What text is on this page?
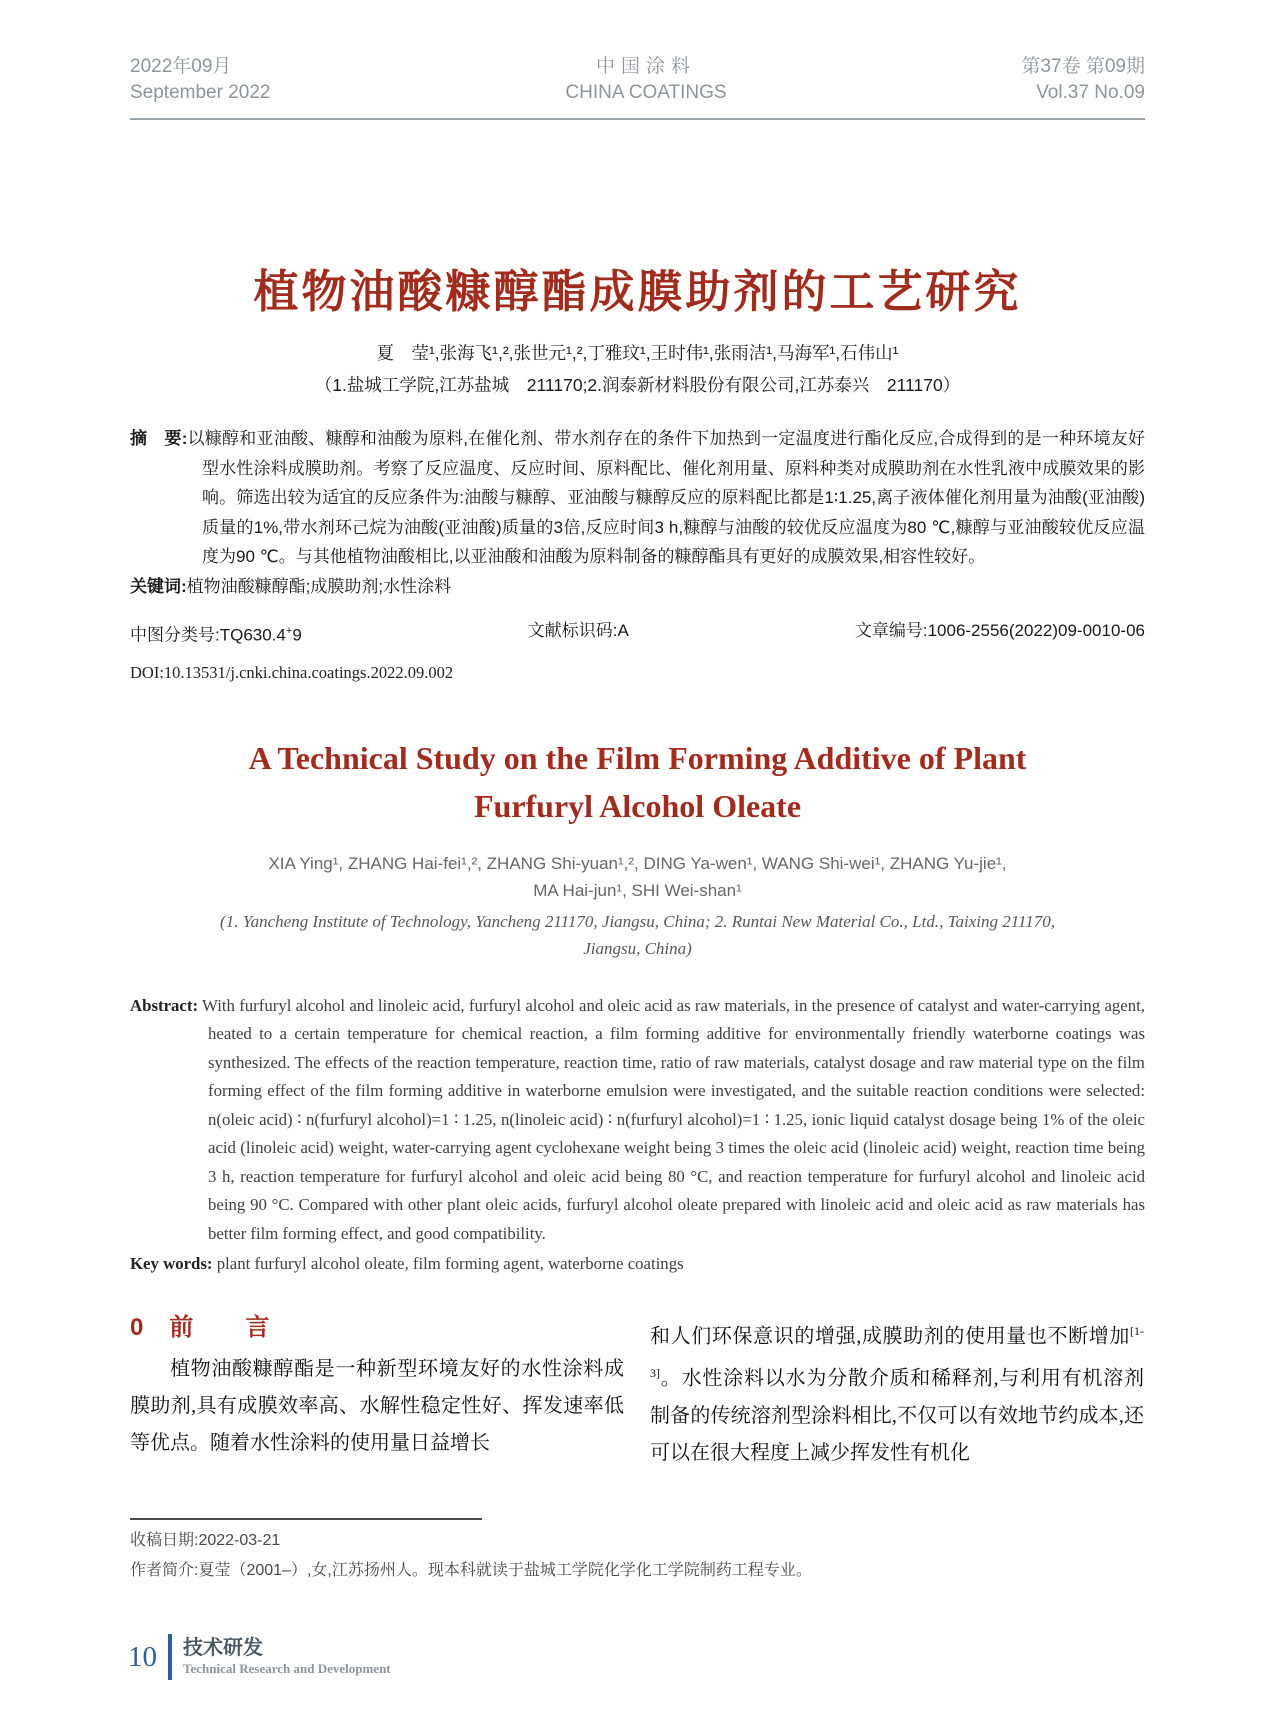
2022年09月
September 2022
中国涂料
CHINA COATINGS
第37卷 第09期
Vol.37 No.09
植物油酸糠醇酯成膜助剂的工艺研究
夏　莹¹,张海飞¹,²,张世元¹,²,丁雅玟¹,王时伟¹,张雨洁¹,马海军¹,石伟山¹
（1.盐城工学院,江苏盐城　211170;2.润泰新材料股份有限公司,江苏泰兴　211170）

摘　要:以糠醇和亚油酸、糠醇和油酸为原料,在催化剂、带水剂存在的条件下加热到一定温度进行酯化反应,合成得到的是一种环境友好型水性涂料成膜助剂。考察了反应温度、反应时间、原料配比、催化剂用量、原料种类对成膜助剂在水性乳液中成膜效果的影响。筛选出较为适宜的反应条件为:油酸与糠醇、亚油酸与糠醇反应的原料配比都是1∶1.25,离子液体催化剂用量为油酸(亚油酸)质量的1%,带水剂环己烷为油酸(亚油酸)质量的3倍,反应时间3 h,糠醇与油酸的较优反应温度为80 ℃,糠醇与亚油酸较优反应温度为90 ℃。与其他植物油酸相比,以亚油酸和油酸为原料制备的糠醇酯具有更好的成膜效果,相容性较好。

关键词:植物油酸糠醇酯;成膜助剂;水性涂料

中图分类号:TQ630.4+9	文献标识码:A	文章编号:1006-2556(2022)09-0010-06
DOI:10.13531/j.cnki.china.coatings.2022.09.002
A Technical Study on the Film Forming Additive of Plant
Furfuryl Alcohol Oleate
XIA Ying¹, ZHANG Hai-fei¹,², ZHANG Shi-yuan¹,², DING Ya-wen¹, WANG Shi-wei¹, ZHANG Yu-jie¹,
MA Hai-jun¹, SHI Wei-shan¹
(1. Yancheng Institute of Technology, Yancheng 211170, Jiangsu, China; 2. Runtai New Material Co., Ltd., Taixing 211170,
Jiangsu, China)

Abstract: With furfuryl alcohol and linoleic acid, furfuryl alcohol and oleic acid as raw materials, in the presence of catalyst and water-carrying agent, heated to a certain temperature for chemical reaction, a film forming additive for environmentally friendly waterborne coatings was synthesized. The effects of the reaction temperature, reaction time, ratio of raw materials, catalyst dosage and raw material type on the film forming effect of the film forming additive in waterborne emulsion were investigated, and the suitable reaction conditions were selected: n(oleic acid) ∶ n(furfuryl alcohol)=1 ∶ 1.25, n(linoleic acid) ∶ n(furfuryl alcohol)=1 ∶ 1.25, ionic liquid catalyst dosage being 1% of the oleic acid (linoleic acid) weight, water-carrying agent cyclohexane weight being 3 times the oleic acid (linoleic acid) weight, reaction time being 3 h, reaction temperature for furfuryl alcohol and oleic acid being 80 °C, and reaction temperature for furfuryl alcohol and linoleic acid being 90 °C. Compared with other plant oleic acids, furfuryl alcohol oleate prepared with linoleic acid and oleic acid as raw materials has better film forming effect, and good compatibility.

Key words: plant furfuryl alcohol oleate, film forming agent, waterborne coatings

0 前　言

植物油酸糠醇酯是一种新型环境友好的水性涂料成膜助剂,具有成膜效率高、水解性稳定性好、挥发速率低等优点。随着水性涂料的使用量日益增长

和人们环保意识的增强,成膜助剂的使用量也不断增加[1-3]。水性涂料以水为分散介质和稀释剂,与利用有机溶剂制备的传统溶剂型涂料相比,不仅可以有效地节约成本,还可以在很大程度上减少挥发性有机化

收稿日期:2022-03-21
作者简介:夏莹（2001–）,女,江苏扬州人。现本科就读于盐城工学院化学化工学院制药工程专业。
10 技术研发
Technical Research and Development
